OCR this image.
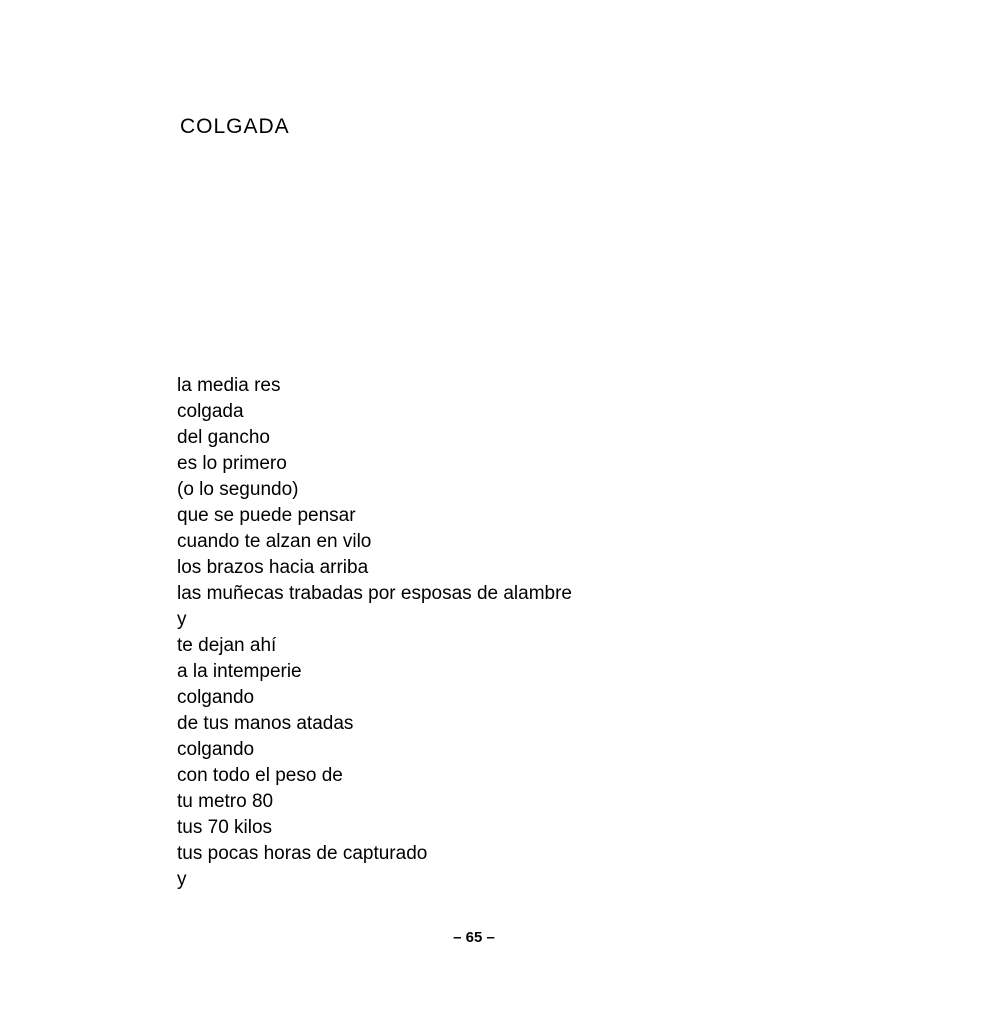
COLGADA
la media res
colgada
del gancho
es lo primero
(o lo segundo)
que se puede pensar
cuando te alzan en vilo
los brazos hacia arriba
las muñecas trabadas por esposas de alambre
y
te dejan ahí
a la intemperie
colgando
de tus manos atadas
colgando
con todo el peso de
tu metro 80
tus 70 kilos
tus pocas horas de capturado
y
– 65 –
